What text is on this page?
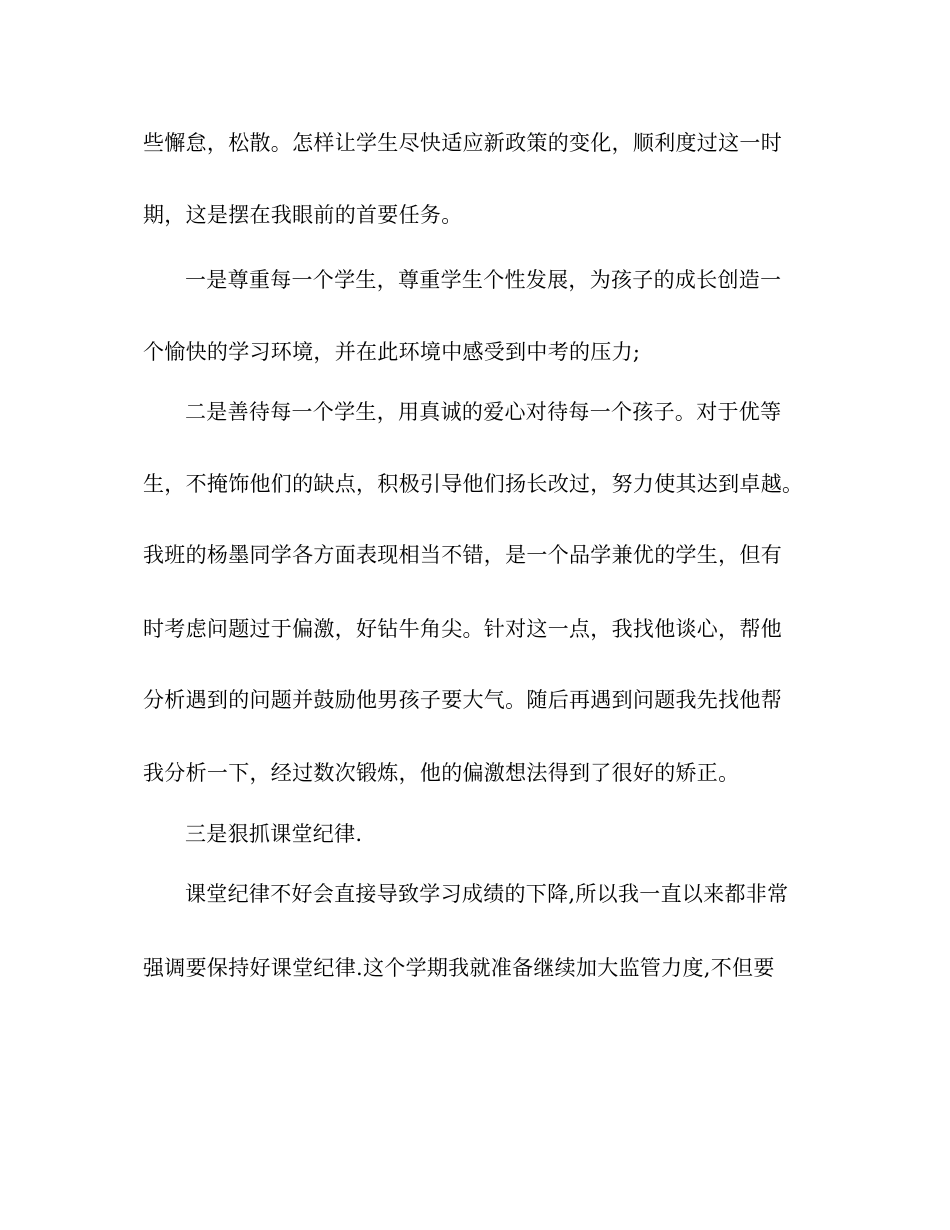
些懈怠，松散。怎样让学生尽快适应新政策的变化，顺利度过这一时
期，这是摆在我眼前的首要任务。
一是尊重每一个学生，尊重学生个性发展，为孩子的成长创造一
个愉快的学习环境，并在此环境中感受到中考的压力;
二是善待每一个学生，用真诚的爱心对待每一个孩子。对于优等
生，不掩饰他们的缺点，积极引导他们扬长改过，努力使其达到卓越。
我班的杨墨同学各方面表现相当不错，是一个品学兼优的学生，但有
时考虑问题过于偏激，好钻牛角尖。针对这一点，我找他谈心，帮他
分析遇到的问题并鼓励他男孩子要大气。随后再遇到问题我先找他帮
我分析一下，经过数次锻炼，他的偏激想法得到了很好的矫正。
三是狠抓课堂纪律.
课堂纪律不好会直接导致学习成绩的下降,所以我一直以来都非常
强调要保持好课堂纪律.这个学期我就准备继续加大监管力度,不但要
